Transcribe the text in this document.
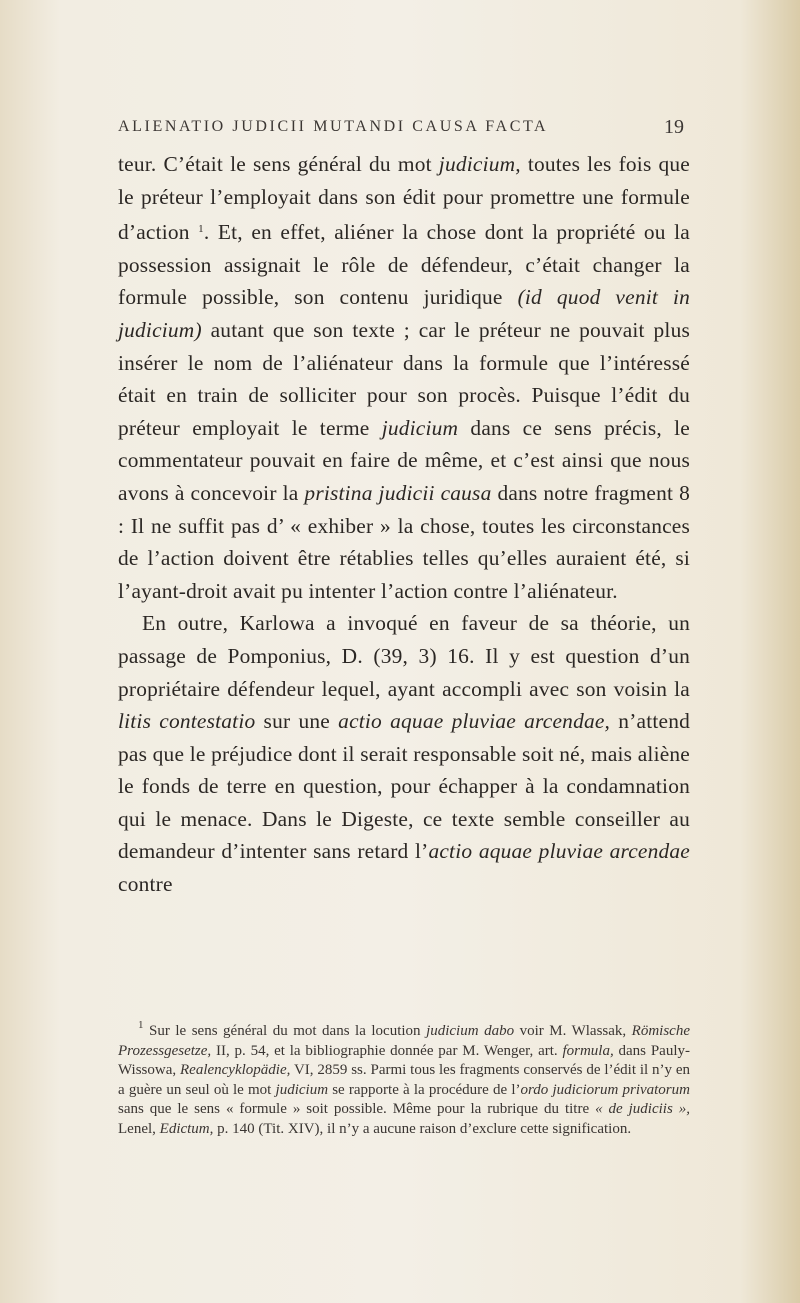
ALIENATIO JUDICII MUTANDI CAUSA FACTA	19

teur. C’était le sens général du mot judicium, toutes les fois que le préteur l’employait dans son édit pour promettre une formule d’action $^1$. Et, en effet, aliéner la chose dont la propriété ou la possession assignait le rôle de défendeur, c’était changer la formule possible, son contenu juridique (id quod venit in judicium) autant que son texte ; car le préteur ne pouvait plus insérer le nom de l’aliénateur dans la formule que l’intéressé était en train de solliciter pour son procès. Puisque l’édit du préteur employait le terme judicium dans ce sens précis, le commentateur pouvait en faire de même, et c’est ainsi que nous avons à concevoir la pristina judicii causa dans notre fragment 8 : Il ne suffit pas d’ « exhiber » la chose, toutes les circonstances de l’action doivent être rétablies telles qu’elles auraient été, si l’ayant-droit avait pu intenter l’action contre l’aliénateur.

En outre, Karlowa a invoqué en faveur de sa théorie, un passage de Pomponius, D. (39, 3) 16. Il y est question d’un propriétaire défendeur lequel, ayant accompli avec son voisin la litis contestatio sur une actio aquae pluviae arcendae, n’attend pas que le préjudice dont il serait responsable soit né, mais aliène le fonds de terre en question, pour échapper à la condamnation qui le menace. Dans le Digeste, ce texte semble conseiller au demandeur d’intenter sans retard l’actio aquae pluviae arcendae contre

$^1$ Sur le sens général du mot dans la locution judicium dabo voir M. Wlassak, Römische Prozessgesetze, II, p. 54, et la bibliographie donnée par M. Wenger, art. formula, dans Pauly-Wissowa, Realencyklopädie, VI, 2859 ss. Parmi tous les fragments conservés de l’édit il n’y en a guère un seul où le mot judicium se rapporte à la procédure de l’ordo judiciorum privatorum sans que le sens « formule » soit possible. Même pour la rubrique du titre « de judiciis », Lenel, Edictum, p. 140 (Tit. XIV), il n’y a aucune raison d’exclure cette signification.
